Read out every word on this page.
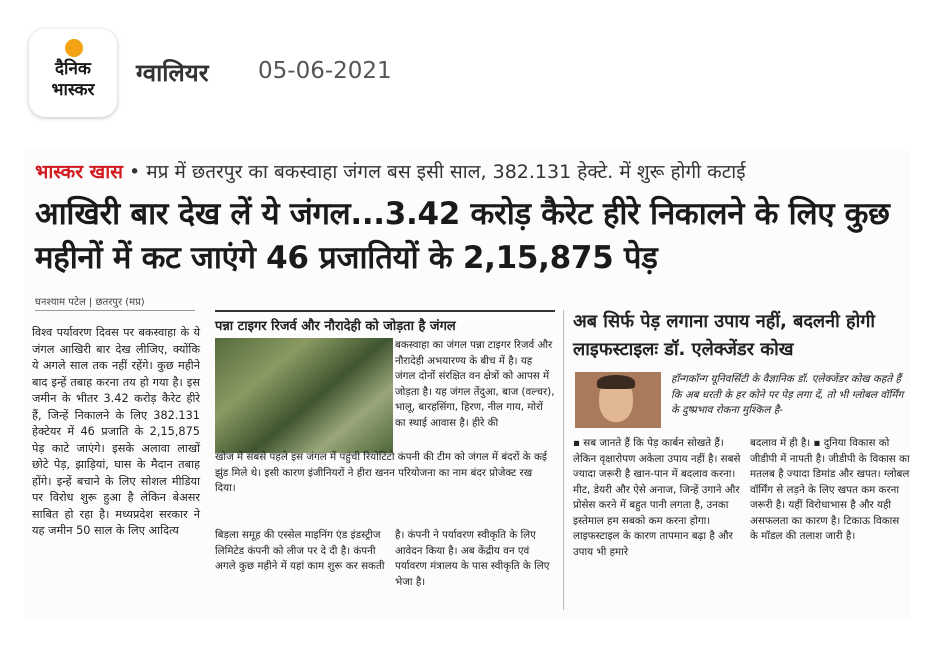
दैनिक
भास्कर
ग्वालियर 05-06-2021
भास्कर खास • मप्र में छतरपुर का बकस्वाहा जंगल बस इसी साल, 382.131 हेक्टे. में शुरू होगी कटाई
आखिरी बार देख लें ये जंगल...3.42 करोड़ कैरेट हीरे निकालने के लिए कुछ महीनों में कट जाएंगे 46 प्रजातियों के 2,15,875 पेड़
घनश्याम पटेल | छतरपुर (मप्र)
विश्व पर्यावरण दिवस पर बकस्वाहा के ये जंगल आखिरी बार देख लीजिए, क्योंकि ये अगले साल तक नहीं रहेंगे। कुछ महीने बाद इन्हें तबाह करना तय हो गया है। इस जमीन के भीतर 3.42 करोड़ कैरेट हीरे हैं, जिन्हें निकालने के लिए 382.131 हेक्टेयर में 46 प्रजाति के 2,15,875 पेड़ काटे जाएंगे। इसके अलावा लाखों छोटे पेड़, झाड़ियां, घास के मैदान तबाह होंगे। इन्हें बचाने के लिए सोशल मीडिया पर विरोध शुरू हुआ है लेकिन बेअसर साबित हो रहा है। मध्यप्रदेश सरकार ने यह जमीन 50 साल के लिए आदित्य
पन्ना टाइगर रिजर्व और नौरादेही को जोड़ता है जंगल
बकस्वाहा का जंगल पन्ना टाइगर रिजर्व और नौरादेही अभयारण्य के बीच में है। यह जंगल दोनों संरक्षित वन क्षेत्रों को आपस में जोड़ता है। यह जंगल तेंदुआ, बाज (वल्चर), भालू, बारहसिंगा, हिरण, नील गाय, मोरों का स्थाई आवास है। हीरे की
खोज में सबसे पहले इस जंगल में पहुंची रियोटिंटो कंपनी की टीम को जंगल में बंदरों के कई झुंड मिले थे। इसी कारण इंजीनियरों ने हीरा खनन परियोजना का नाम बंदर प्रोजेक्ट रख दिया।
बिड़ला समूह की एस्सेल माइनिंग एंड इंडस्ट्रीज लिमिटेड कंपनी को लीज पर दे दी है। कंपनी अगले कुछ महीने में यहां काम शुरू कर सकती
है। कंपनी ने पर्यावरण स्वीकृति के लिए आवेदन किया है। अब केंद्रीय वन एवं पर्यावरण मंत्रालय के पास स्वीकृति के लिए भेजा है।
अब सिर्फ पेड़ लगाना उपाय नहीं, बदलनी होगी लाइफस्टाइलः डॉ. एलेक्जेंडर कोख
हॉन्गकॉन्ग यूनिवर्सिटी के वैज्ञानिक डॉ. एलेक्जेंडर कोख कहते हैं कि अब धरती के हर कोने पर पेड़ लगा दें, तो भी ग्लोबल वॉर्मिंग के दुष्प्रभाव रोकना मुश्किल है-
▪ सब जानते हैं कि पेड़ कार्बन सोखते हैं। लेकिन वृक्षारोपण अकेला उपाय नहीं है। सबसे ज्यादा जरूरी है खान-पान में बदलाव करना। मीट, डेयरी और ऐसे अनाज, जिन्हें उगाने और प्रोसेस करने में बहुत पानी लगता है, उनका इस्तेमाल हम सबको कम करना होगा। लाइफस्टाइल के कारण तापमान बढ़ा है और उपाय भी हमारे
बदलाव में ही है। ▪ दुनिया विकास को जीडीपी में नापती है। जीडीपी के विकास का मतलब है ज्यादा डिमांड और खपत। ग्लोबल वॉर्मिंग से लड़ने के लिए खपत कम करना जरूरी है। यहीं विरोधाभास है और यही असफलता का कारण है। टिकाऊ विकास के मॉडल की तलाश जारी है।
